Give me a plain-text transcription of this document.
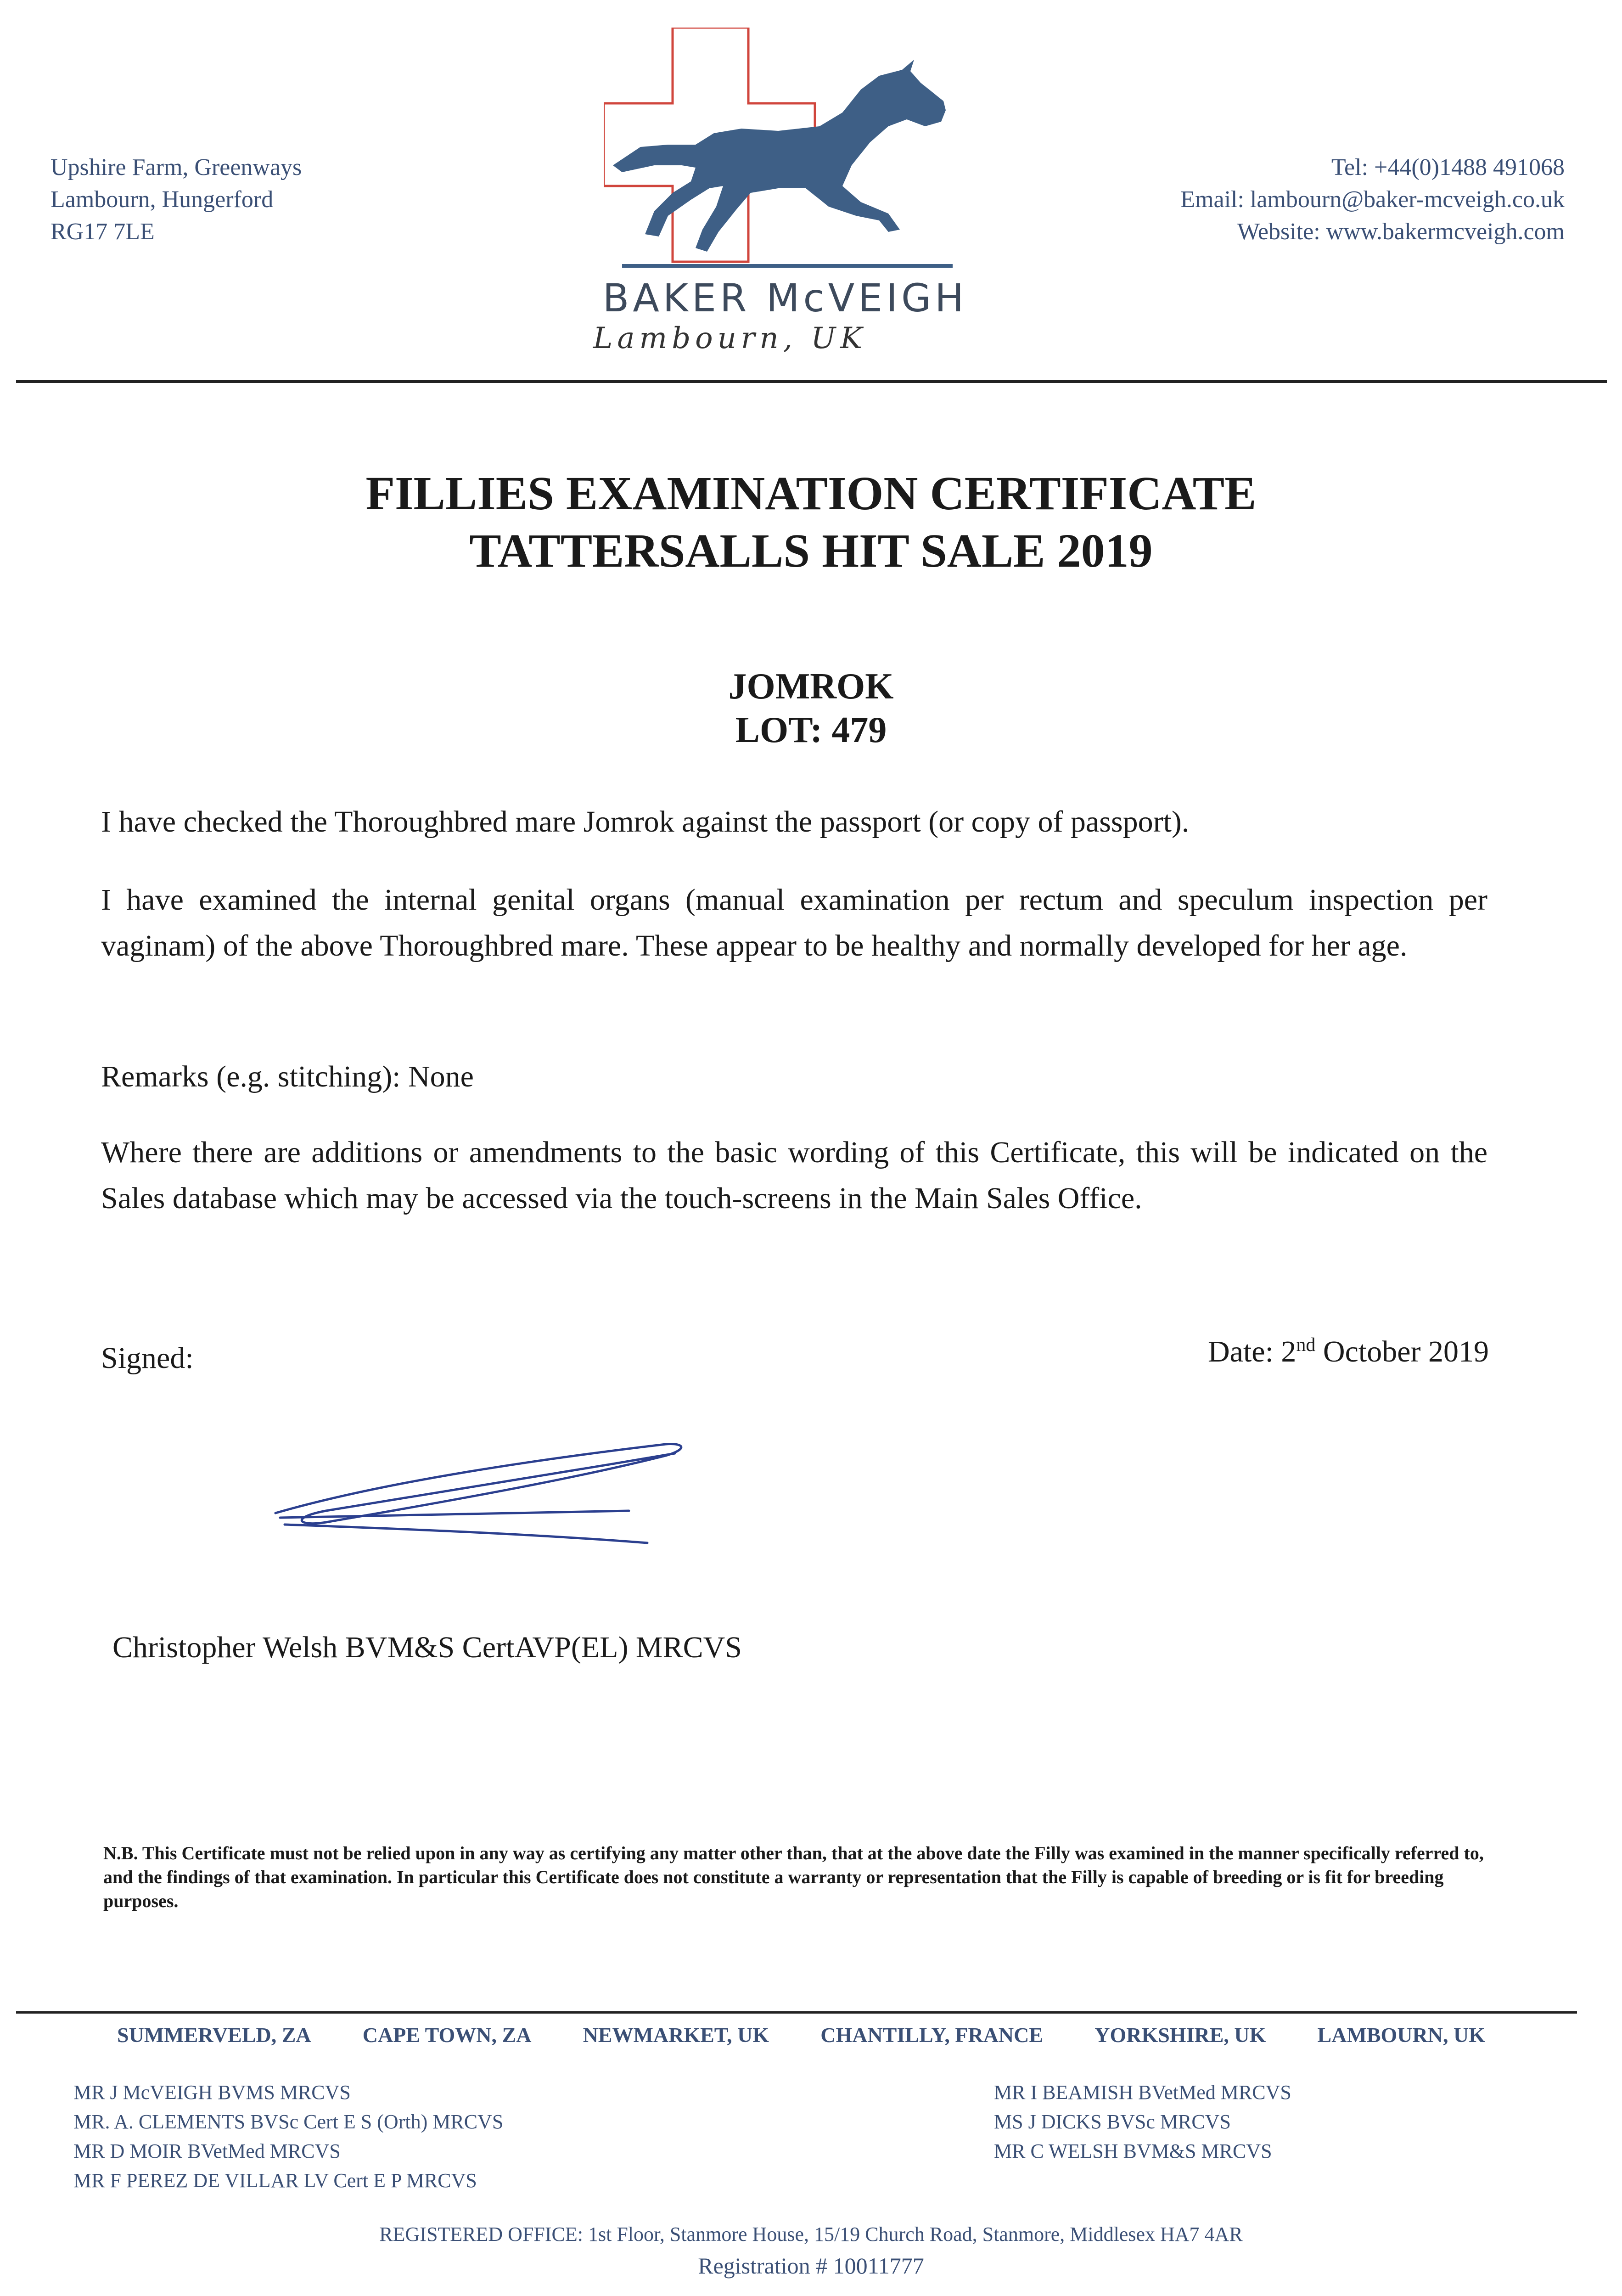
Upshire Farm, Greenways
Lambourn, Hungerford
RG17 7LE
BAKER McVEIGH
Lambourn, UK
Tel: +44(0)1488 491068
Email: lambourn@baker-mcveigh.co.uk
Website: www.bakermcveigh.com
FILLIES EXAMINATION CERTIFICATE
TATTERSALLS HIT SALE 2019
JOMROK
LOT: 479
I have checked the Thoroughbred mare Jomrok against the passport (or copy of passport).
I have examined the internal genital organs (manual examination per rectum and speculum inspection per vaginam) of the above Thoroughbred mare. These appear to be healthy and normally developed for her age.
Remarks (e.g. stitching): None
Where there are additions or amendments to the basic wording of this Certificate, this will be indicated on the Sales database which may be accessed via the touch-screens in the Main Sales Office.
Signed:	Date: 2nd October 2019
Christopher Welsh BVM&S CertAVP(EL) MRCVS
N.B. This Certificate must not be relied upon in any way as certifying any matter other than, that at the above date the Filly was examined in the manner specifically referred to, and the findings of that examination. In particular this Certificate does not constitute a warranty or representation that the Filly is capable of breeding or is fit for breeding purposes.
SUMMERVELD, ZA CAPE TOWN, ZA NEWMARKET, UK CHANTILLY, FRANCE YORKSHIRE, UK LAMBOURN, UK
MR J McVEIGH BVMS MRCVS
MR. A. CLEMENTS BVSc Cert E S (Orth) MRCVS
MR D MOIR BVetMed MRCVS
MR F PEREZ DE VILLAR LV Cert E P MRCVS
MR I BEAMISH BVetMed MRCVS
MS J DICKS BVSc MRCVS
MR C WELSH BVM&S MRCVS
REGISTERED OFFICE: 1st Floor, Stanmore House, 15/19 Church Road, Stanmore, Middlesex HA7 4AR
Registration # 10011777
